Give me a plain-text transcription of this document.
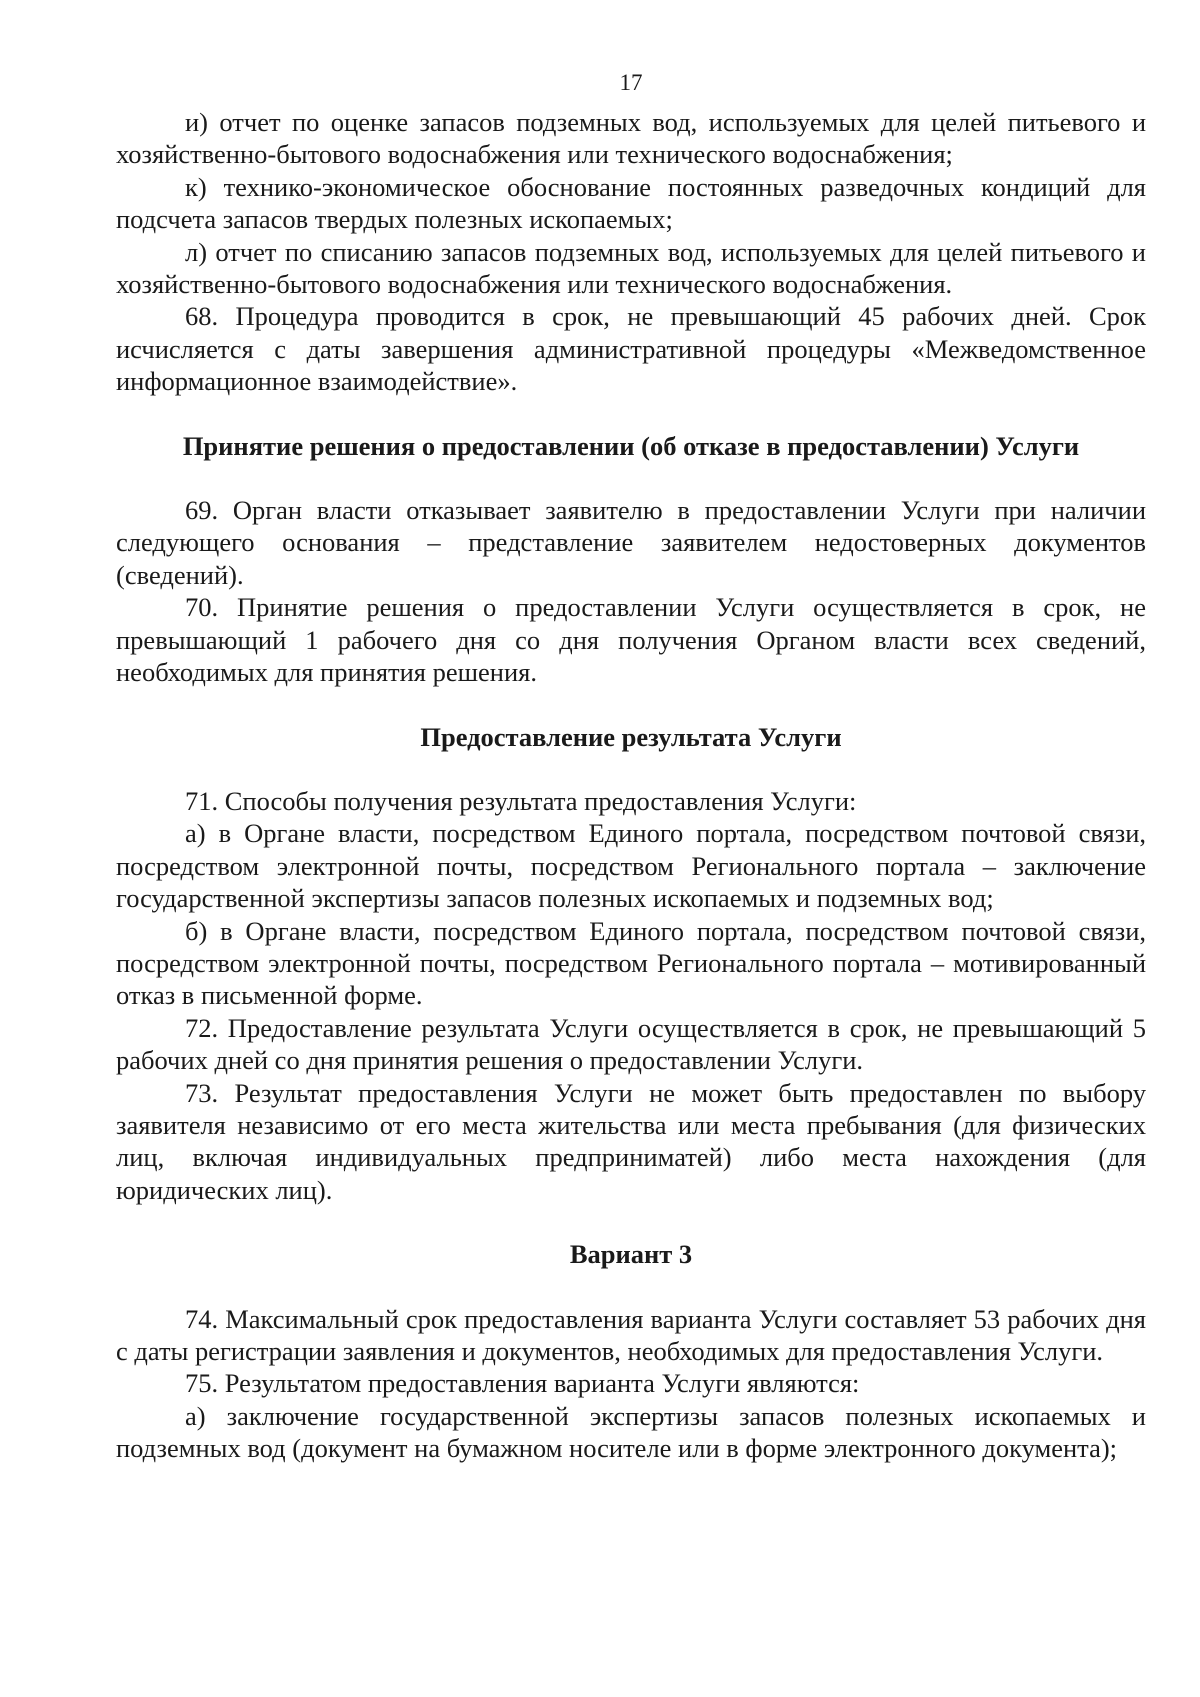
17

и) отчет по оценке запасов подземных вод, используемых для целей питьевого и хозяйственно-бытового водоснабжения или технического водоснабжения;

к) технико-экономическое обоснование постоянных разведочных кондиций для подсчета запасов твердых полезных ископаемых;

л) отчет по списанию запасов подземных вод, используемых для целей питьевого и хозяйственно-бытового водоснабжения или технического водоснабжения.

68. Процедура проводится в срок, не превышающий 45 рабочих дней. Срок исчисляется с даты завершения административной процедуры «Межведомственное информационное взаимодействие».

Принятие решения о предоставлении (об отказе в предоставлении) Услуги

69. Орган власти отказывает заявителю в предоставлении Услуги при наличии следующего основания – представление заявителем недостоверных документов (сведений).

70. Принятие решения о предоставлении Услуги осуществляется в срок, не превышающий 1 рабочего дня со дня получения Органом власти всех сведений, необходимых для принятия решения.

Предоставление результата Услуги

71. Способы получения результата предоставления Услуги:

а) в Органе власти, посредством Единого портала, посредством почтовой связи, посредством электронной почты, посредством Регионального портала – заключение государственной экспертизы запасов полезных ископаемых и подземных вод;

б) в Органе власти, посредством Единого портала, посредством почтовой связи, посредством электронной почты, посредством Регионального портала – мотивированный отказ в письменной форме.

72. Предоставление результата Услуги осуществляется в срок, не превышающий 5 рабочих дней со дня принятия решения о предоставлении Услуги.

73. Результат предоставления Услуги не может быть предоставлен по выбору заявителя независимо от его места жительства или места пребывания (для физических лиц, включая индивидуальных предприниматей) либо места нахождения (для юридических лиц).

Вариант 3

74. Максимальный срок предоставления варианта Услуги составляет 53 рабочих дня с даты регистрации заявления и документов, необходимых для предоставления Услуги.

75. Результатом предоставления варианта Услуги являются:

а) заключение государственной экспертизы запасов полезных ископаемых и подземных вод (документ на бумажном носителе или в форме электронного документа);
